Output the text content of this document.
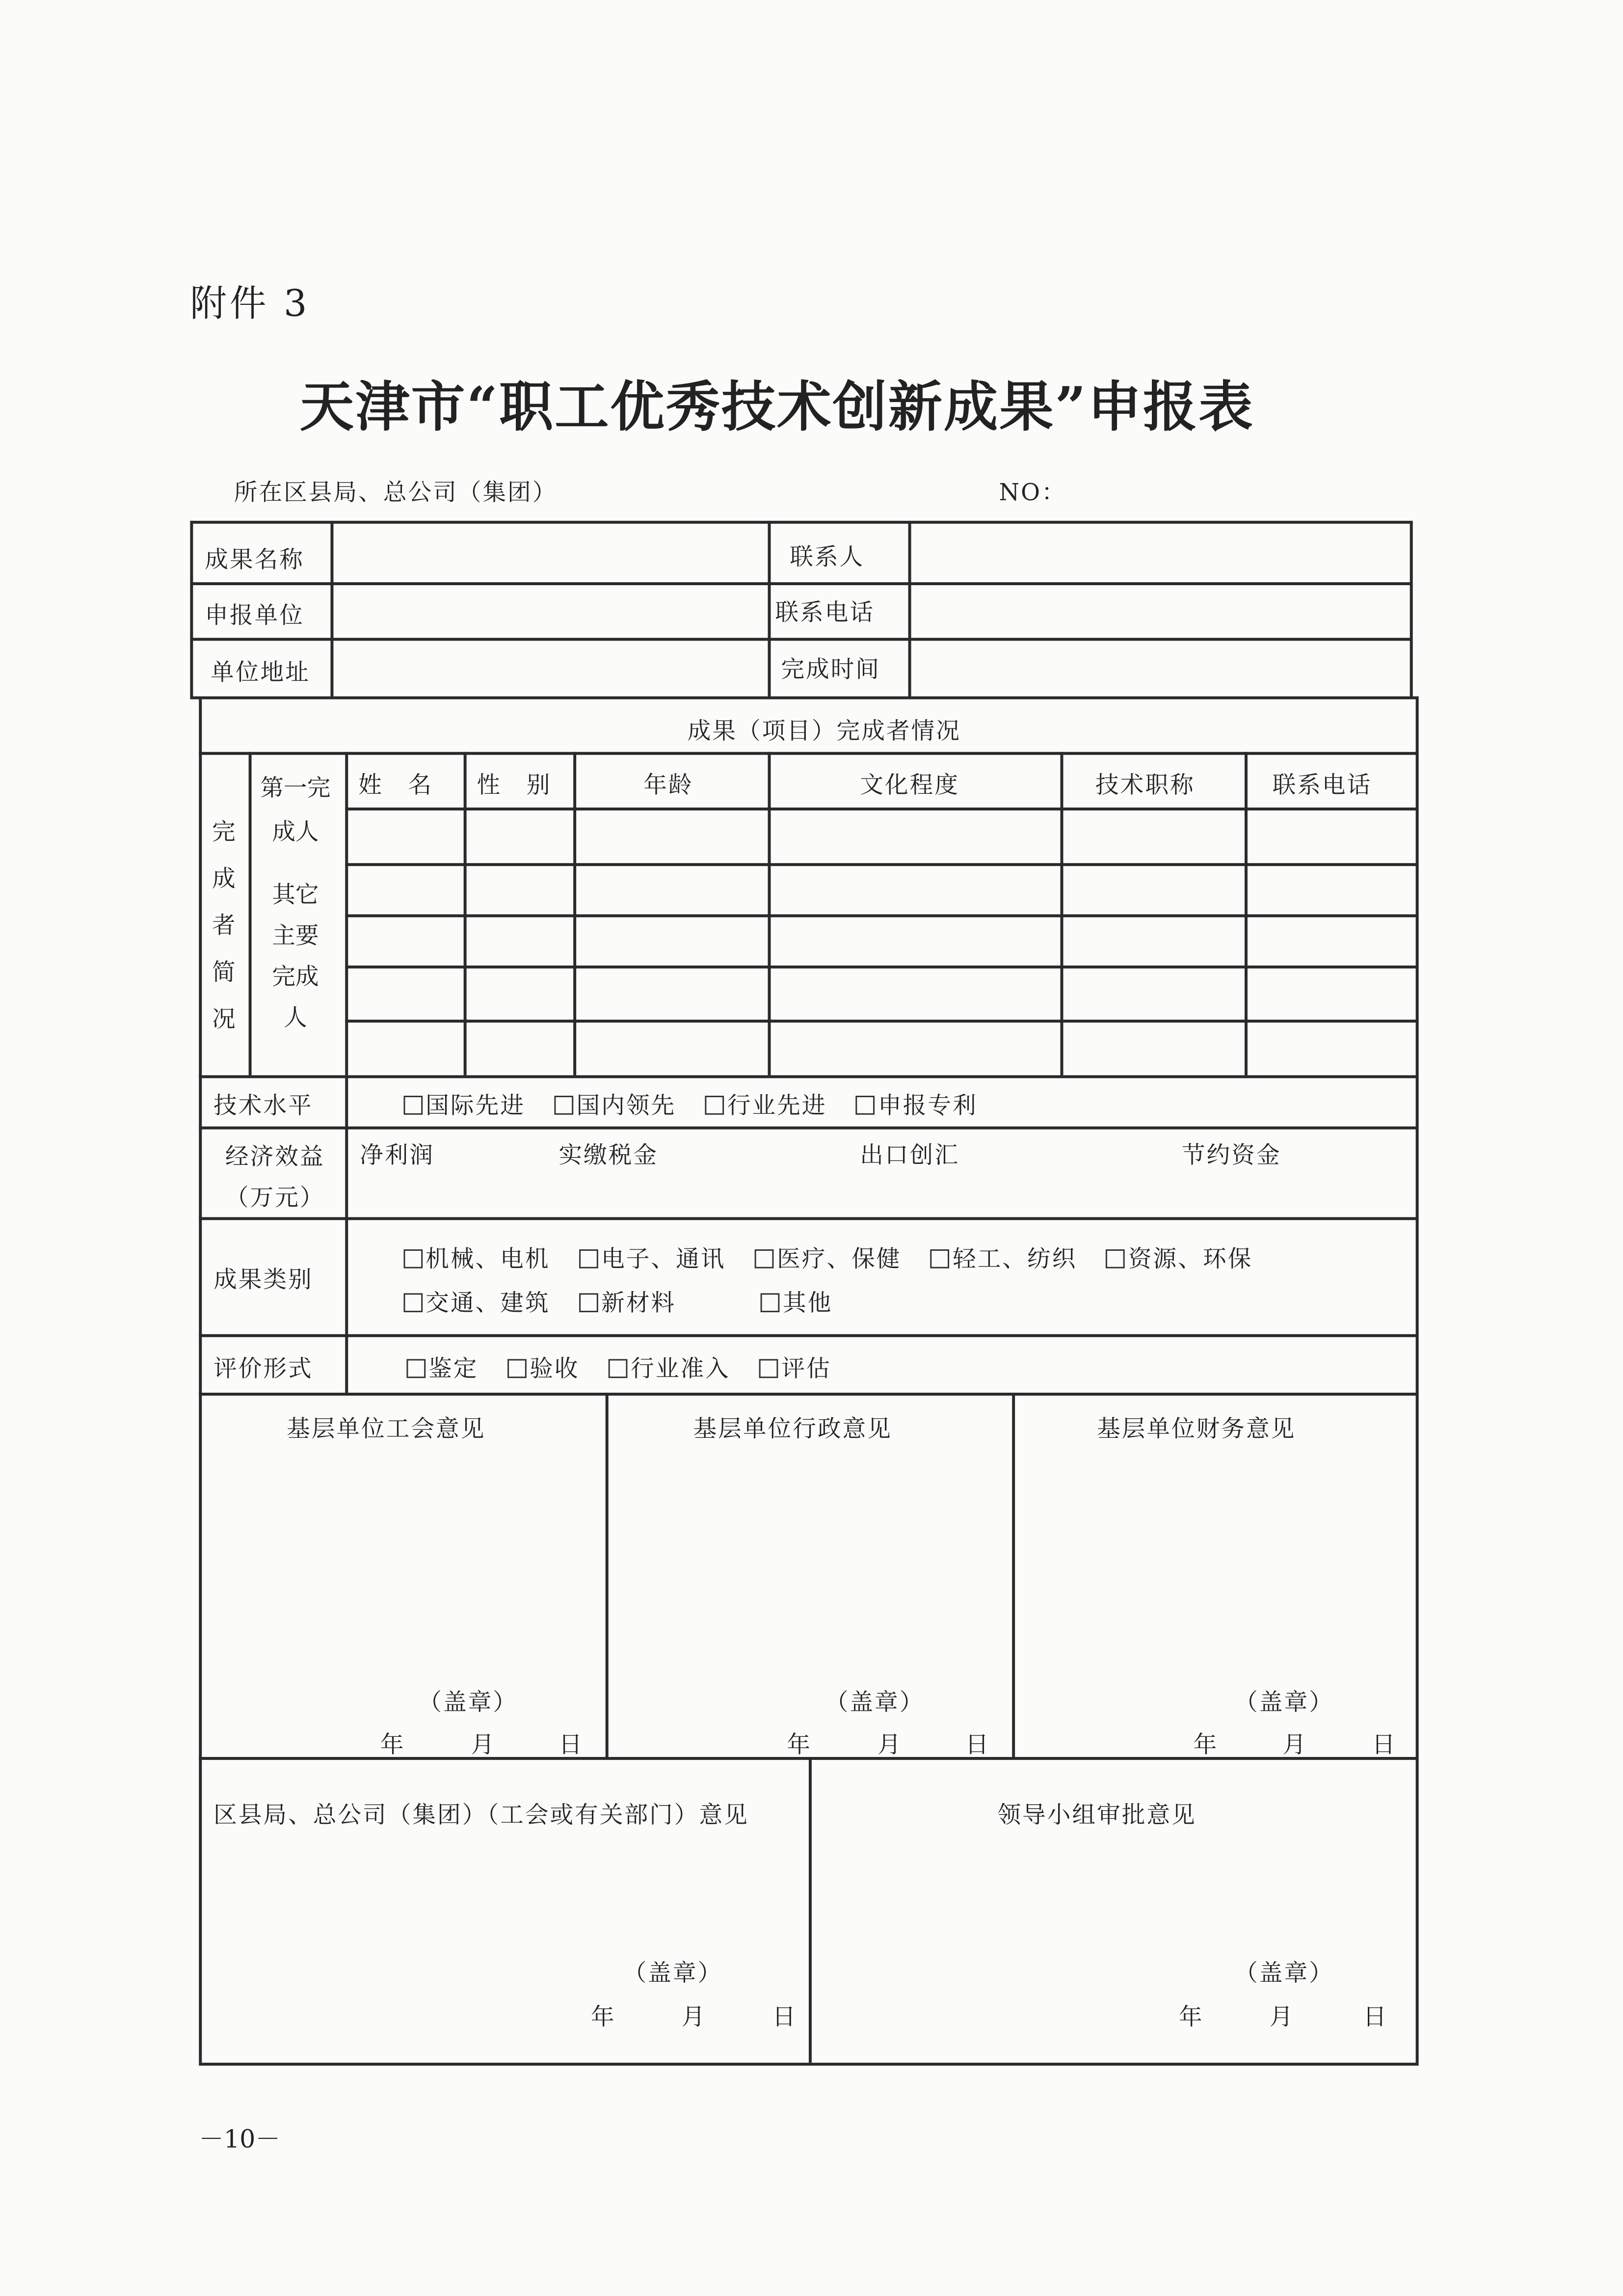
附件 3
天津市“职工优秀技术创新成果”申报表
所在区县局、总公司（集团）	NO：
成果名称	联系人
申报单位	联系电话
单位地址	完成时间
成果（项目）完成者情况
完成者简况
第一完成人
其它主要完成人
姓　名	性　别	年龄	文化程度	技术职称	联系电话
技术水平	国际先进	国内领先	行业先进	申报专利
经济效益（万元）
净利润	实缴税金	出口创汇	节约资金
成果类别
机械、电机	电子、通讯	医疗、保健	轻工、纺织	资源、环保
交通、建筑	新材料	其他
评价形式	鉴定	验收	行业准入	评估
基层单位工会意见	基层单位行政意见	基层单位财务意见
（盖章）	（盖章）	（盖章）
年	月	日	年	月	日	年	月	日
区县局、总公司（集团）（工会或有关部门）意见	领导小组审批意见
（盖章）	（盖章）
年	月	日	年	月	日
－10－
